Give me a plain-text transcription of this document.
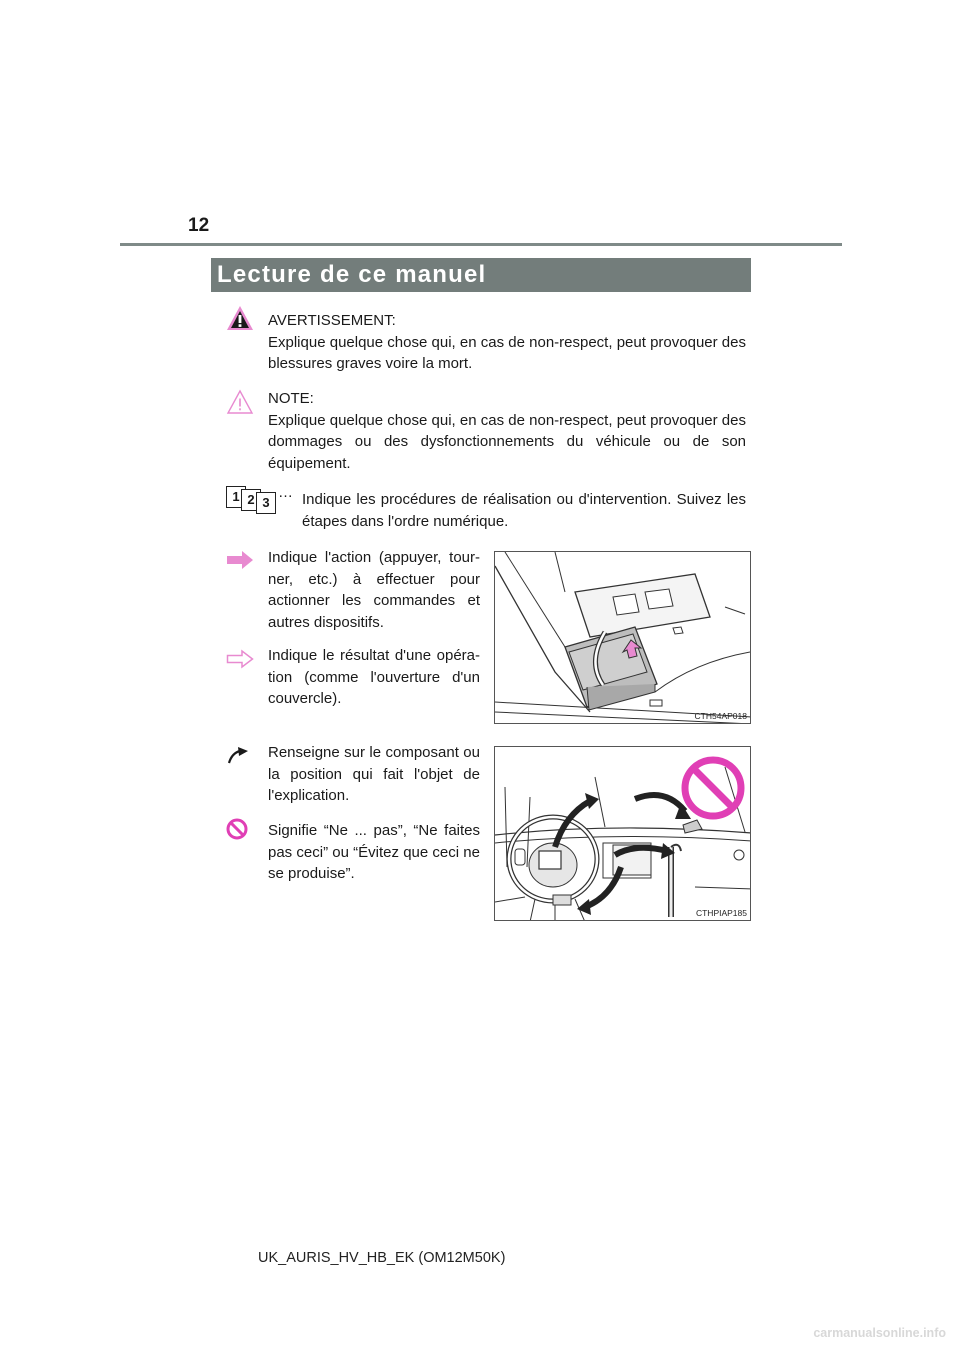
12
Lecture de ce manuel
AVERTISSEMENT:
Explique quelque chose qui, en cas de non-respect, peut provoquer des blessures graves voire la mort.
NOTE:
Explique quelque chose qui, en cas de non-respect, peut provoquer des dommages ou des dysfonctionnements du véhicule ou de son équipement.
1 2 3
… Indique les procédures de réalisation ou d'intervention. Suivez les étapes dans l'ordre numérique.
Indique l'action (appuyer, tour-ner, etc.) à effectuer pour actionner les commandes et autres dispositifs.
Indique le résultat d'une opéra-tion (comme l'ouverture d'un couvercle).
CTH54AP018
Renseigne sur le composant ou la position qui fait l'objet de l'explication.
Signifie “Ne ... pas”, “Ne faites pas ceci” ou “Évitez que ceci ne se produise”.
CTHPIAP185
UK_AURIS_HV_HB_EK (OM12M50K)
carmanualsonline.info
